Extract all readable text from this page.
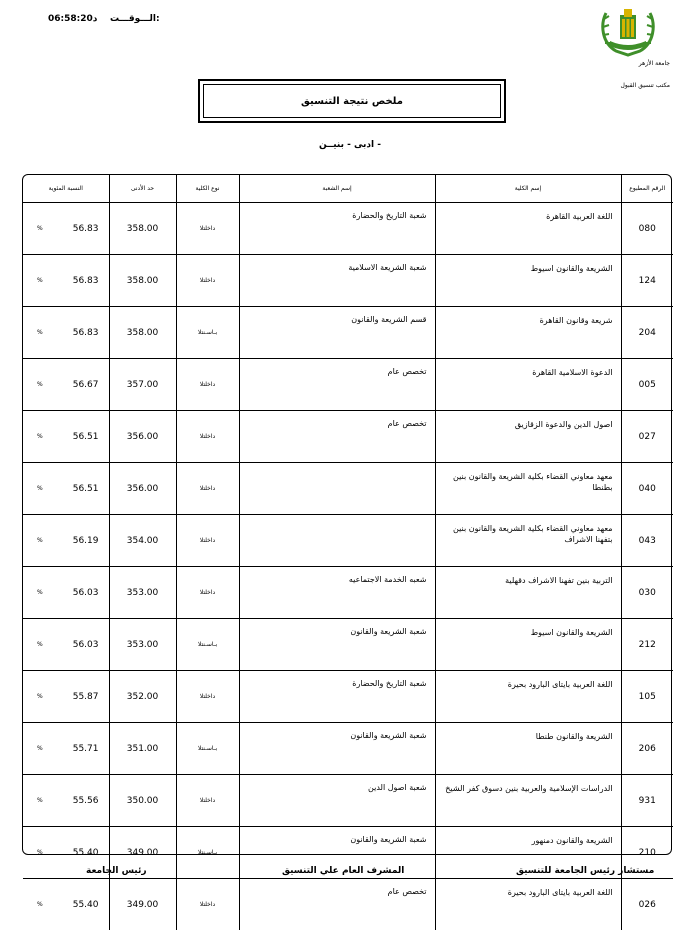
الـــوقـــت:
06:58:20د
جامعة الأزهر
مكتب تنسيق القبول
ملخص نتيجة التنسيق
- ادبى - بنيــن
الرقم المطبوع	إسم الكلية	إسم الشعبة	نوع الكلية	حد الأدنى	النسبة المئوية
080	اللغة العربية القاهرة	شعبة التاريخ والحضارة	داخلتلا	358.00	% 56.83

124	الشريعة والقانون اسيوط	شعبة الشريعة الاسلامية	داخلتلا	358.00	% 56.83

204	شريعة وقانون القاهرة	قسم الشريعة والقانون	بـاسـنتلا	358.00	% 56.83

005	الدعوة الاسلامية القاهرة	تخصص عام	داخلتلا	357.00	% 56.67

027	اصول الدين والدعوة الزقازيق	تخصص عام	داخلتلا	356.00	% 56.51

040	معهد معاوني القضاء بكلية الشريعة والقانون بنين بطنطا		داخلتلا	356.00	% 56.51

043	معهد معاوني القضاء بكلية الشريعة والقانون بنين بتفهنا الاشراف		داخلتلا	354.00	% 56.19

030	التربية بنين تفهنا الاشراف دقهلية	شعبه الخدمة الاجتماعيه	داخلتلا	353.00	% 56.03

212	الشريعة والقانون اسيوط	شعبة الشريعة والقانون	بـاسـنتلا	353.00	% 56.03

105	اللغة العربية بايتاى البارود بحيرة	شعبة التاريخ والحضارة	داخلتلا	352.00	% 55.87

206	الشريعة والقانون طنطا	شعبة الشريعة والقانون	بـاسـنتلا	351.00	% 55.71

931	الدراسات الإسلامية والعربية بنين دسوق كفر الشيخ	شعبة اصول الدين	داخلتلا	350.00	% 55.56

210	الشريعة والقانون دمنهور	شعبة الشريعة والقانون	بـاسـنتلا	349.00	% 55.40

026	اللغة العربية بايتاى البارود بحيرة	تخصص عام	داخلتلا	349.00	% 55.40
رئيس الجامعة	المشرف العام علي التنسيق	مستشار رئيس الجامعة للتنسيق
